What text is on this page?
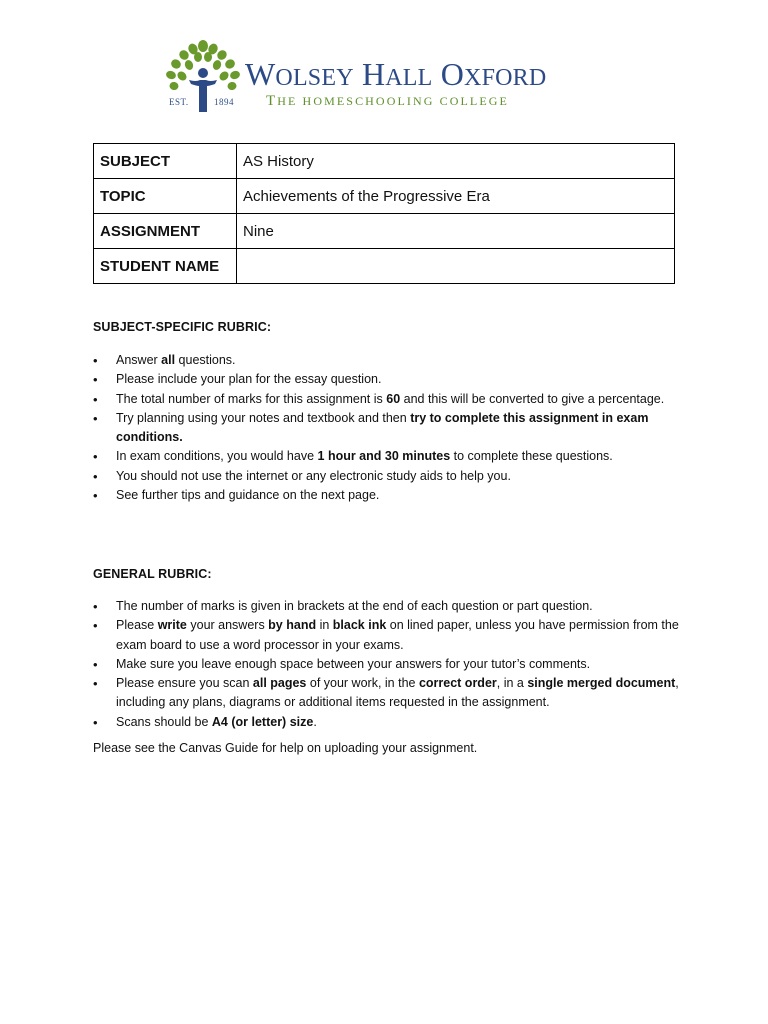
EST.	1894
WOLSEY HALL OXFORD
THE HOMESCHOOLING COLLEGE
SUBJECT	AS History
TOPIC	Achievements of the Progressive Era
ASSIGNMENT	Nine
STUDENT NAME	
SUBJECT-SPECIFIC RUBRIC:
• Answer all questions.
• Please include your plan for the essay question.
• The total number of marks for this assignment is 60 and this will be converted to give a percentage.
• Try planning using your notes and textbook and then try to complete this assignment in exam conditions.
• In exam conditions, you would have 1 hour and 30 minutes to complete these questions.
• You should not use the internet or any electronic study aids to help you.
• See further tips and guidance on the next page.
GENERAL RUBRIC:
• The number of marks is given in brackets at the end of each question or part question.
• Please write your answers by hand in black ink on lined paper, unless you have permission from the exam board to use a word processor in your exams.
• Make sure you leave enough space between your answers for your tutor’s comments.
• Please ensure you scan all pages of your work, in the correct order, in a single merged document, including any plans, diagrams or additional items requested in the assignment.
• Scans should be A4 (or letter) size.
Please see the Canvas Guide for help on uploading your assignment.
